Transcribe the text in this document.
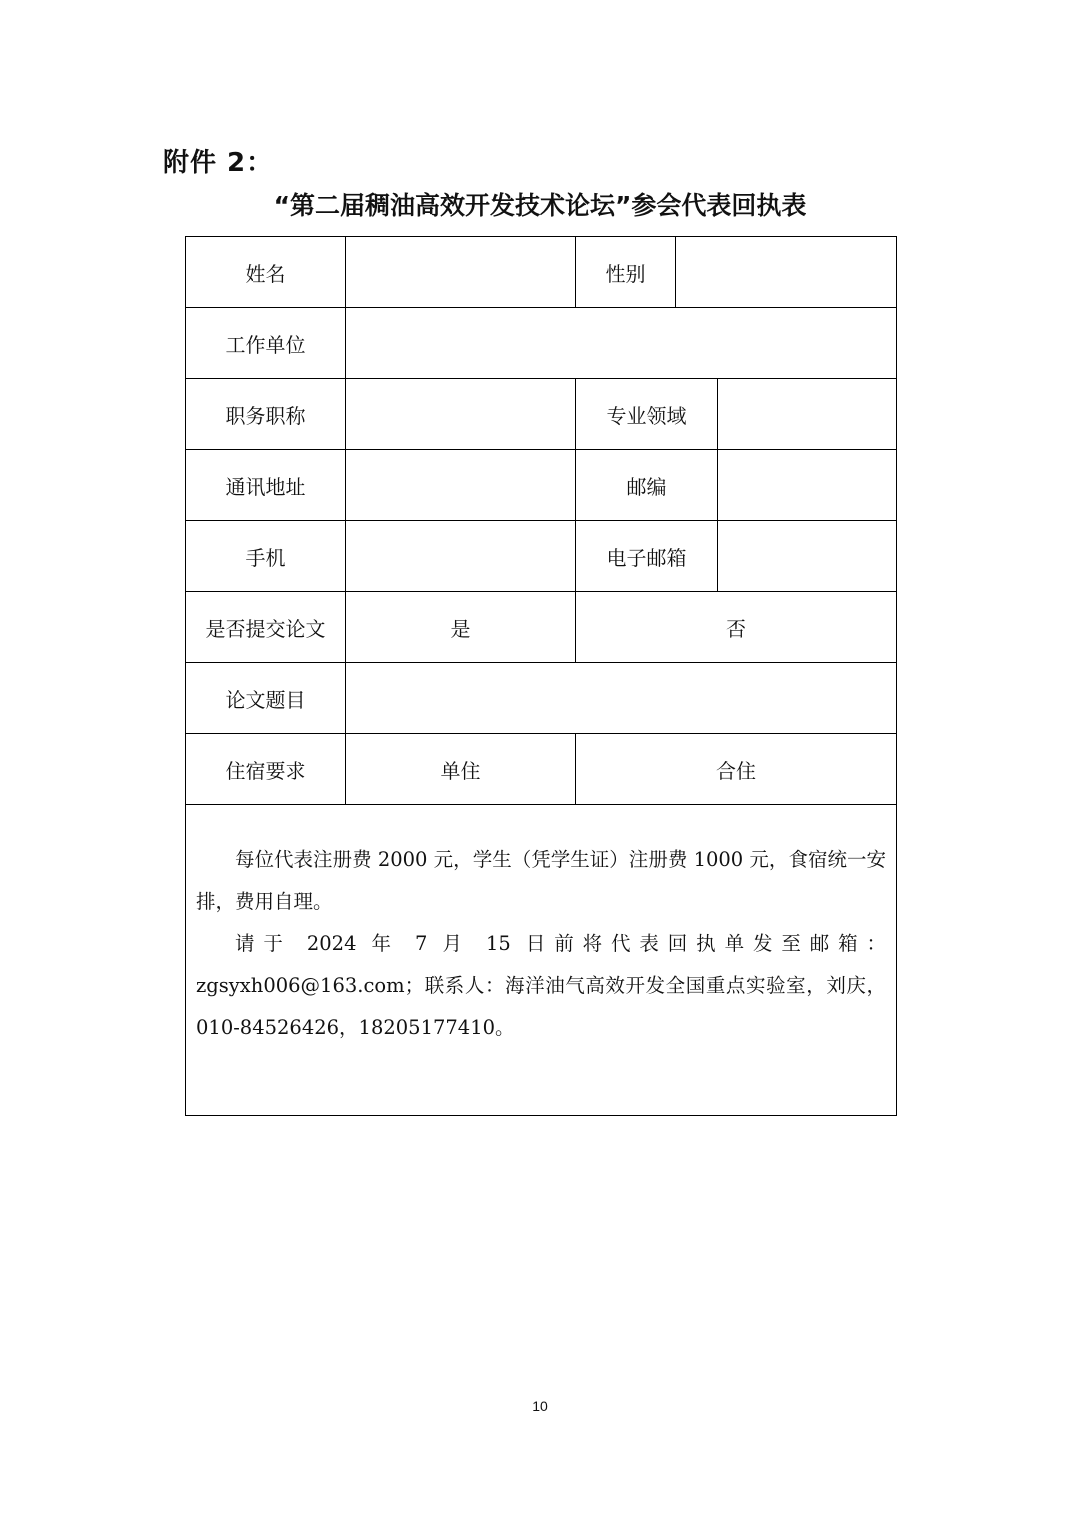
附件 2：
“第二届稠油高效开发技术论坛”参会代表回执表
姓名		性别		
工作单位				
职务职称		专业领域		
通讯地址		邮编		
手机		电子邮箱		
是否提交论文	是	否		
论文题目				
住宿要求	单住	合住		

每位代表注册费 2000 元，学生（凭学生证）注册费 1000 元，食宿统一安排，费用自理。

请于 2024 年 7 月 15 日前将代表回执单发至邮箱：zgsyxh006@163.com；联系人：海洋油气高效开发全国重点实验室，刘庆，010-84526426，18205177410。				

10
